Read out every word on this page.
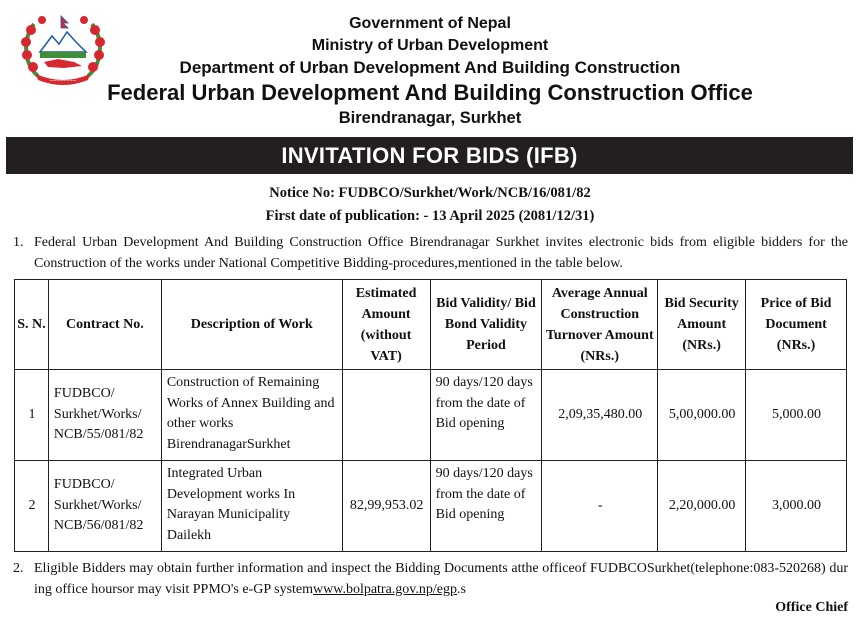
~~~~~~~~
Government of Nepal
Ministry of Urban Development
Department of Urban Development And Building Construction
Federal Urban Development And Building Construction Office
Birendranagar, Surkhet
INVITATION FOR BIDS (IFB)
Notice No: FUDBCO/Surkhet/Work/NCB/16/081/82
First date of publication: - 13 April 2025 (2081/12/31)
1. Federal Urban Development And Building Construction Office Birendranagar Surkhet invites electronic bids from eligible bidders for the Construction of the works under National Competitive Bidding-procedures,mentioned in the table below.
S. N.	Contract No.	Description of Work	Estimated Amount (without VAT)	Bid Validity/ Bid Bond Validity Period	Average Annual Construction Turnover Amount (NRs.)	Bid Security Amount (NRs.)	Price of Bid Document (NRs.)
1	FUDBCO/ Surkhet/Works/ NCB/55/081/82	Construction of Remaining Works of Annex Building and other works BirendranagarSurkhet		90 days/120 days from the date of Bid opening	2,09,35,480.00	5,00,000.00	5,000.00
2	FUDBCO/ Surkhet/Works/ NCB/56/081/82	Integrated Urban Development works In Narayan Municipality Dailekh	82,99,953.02	90 days/120 days from the date of Bid opening	-	2,20,000.00	3,000.00
2. Eligible Bidders may obtain further information and inspect the Bidding Documents atthe officeof FUDBCOSurkhet(telephone:083-520268) during office hoursor may visit PPMO's e-GP systemwww.bolpatra.gov.np/egp.s
Office Chief
